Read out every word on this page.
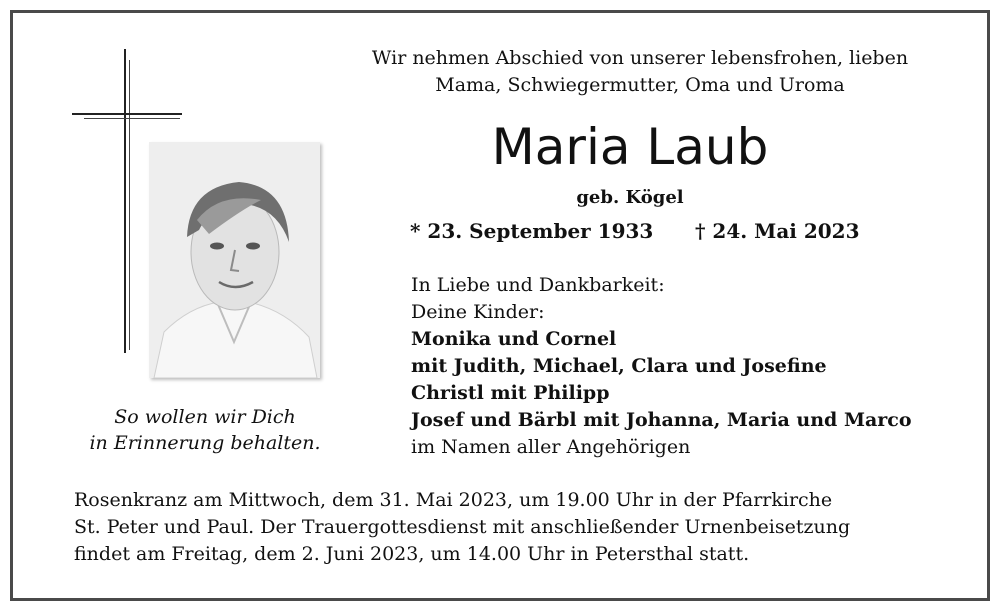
So wollen wir Dich
in Erinnerung behalten.
Wir nehmen Abschied von unserer lebensfrohen, lieben
Mama, Schwiegermutter, Oma und Uroma
Maria Laub
geb. Kögel
* 23. September 1933 † 24. Mai 2023
In Liebe und Dankbarkeit:
Deine Kinder:
Monika und Cornel
mit Judith, Michael, Clara und Josefine
Christl mit Philipp
Josef und Bärbl mit Johanna, Maria und Marco
im Namen aller Angehörigen
Rosenkranz am Mittwoch, dem 31. Mai 2023, um 19.00 Uhr in der Pfarrkirche
St. Peter und Paul. Der Trauergottesdienst mit anschließender Urnenbeisetzung
findet am Freitag, dem 2. Juni 2023, um 14.00 Uhr in Petersthal statt.
